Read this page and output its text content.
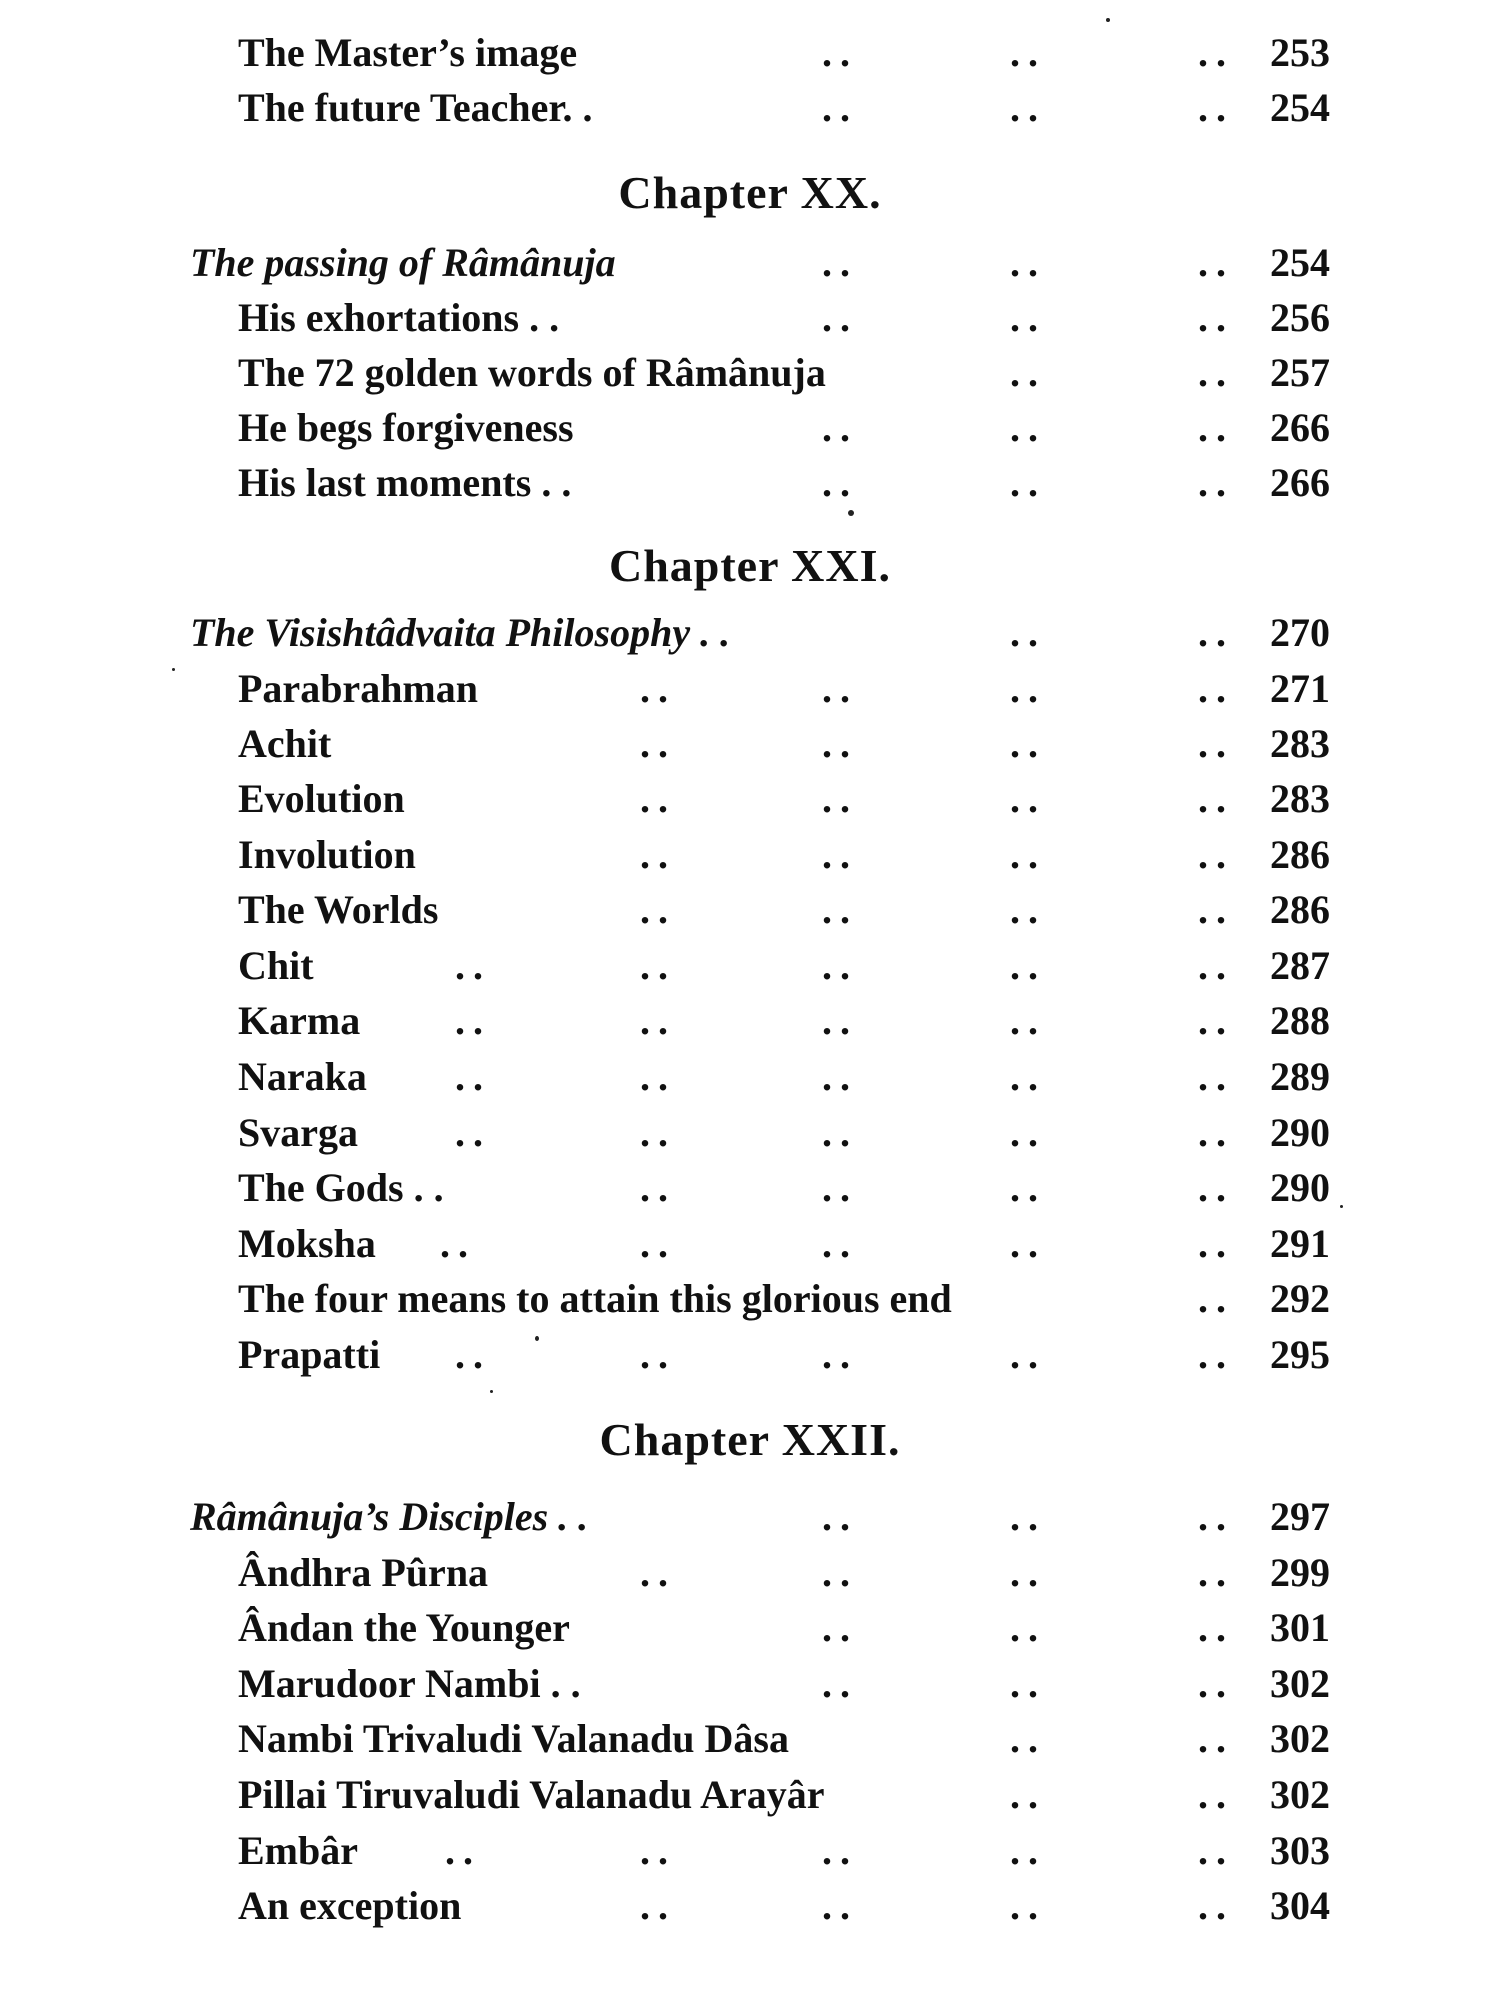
The Master’s image	..	..	.. 253
The future Teacher. .	..	..	.. 254
Chapter XX.
The passing of Râmânuja	..	..	.. 254
His exhortations . .	..	..	.. 256
The 72 golden words of Râmânuja	..	.. 257
He begs forgiveness	..	..	.. 266
His last moments . .	..	..	.. 266
Chapter XXI.
The Visishtâdvaita Philosophy . .	..	.. 270
Parabrahman	..	..	..	.. 271
Achit	..	..	..	.. 283
Evolution	..	..	..	.. 283
Involution	..	..	..	.. 286
The Worlds	..	..	..	.. 286
Chit	..	..	..	..	.. 287
Karma ..	..	..	..	.. 288
Naraka ..	..	..	..	.. 289
Svarga ..	..	..	..	.. 290
The Gods . .	..	..	..	.. 290
Moksha ..	..	..	..	.. 291
The four means to attain this glorious end	.. 292
Prapatti ..	..	..	..	.. 295
Chapter XXII.
Râmânuja’s Disciples . .	..	..	.. 297
Ândhra Pûrna	..	..	..	.. 299
Ândan the Younger	..	..	.. 301
Marudoor Nambi . .	..	..	.. 302
Nambi Trivaludi Valanadu Dâsa	..	.. 302
Pillai Tiruvaludi Valanadu Arayâr	..	.. 302
Embâr ..	..	..	..	.. 303
An exception	..	..	..	.. 304
